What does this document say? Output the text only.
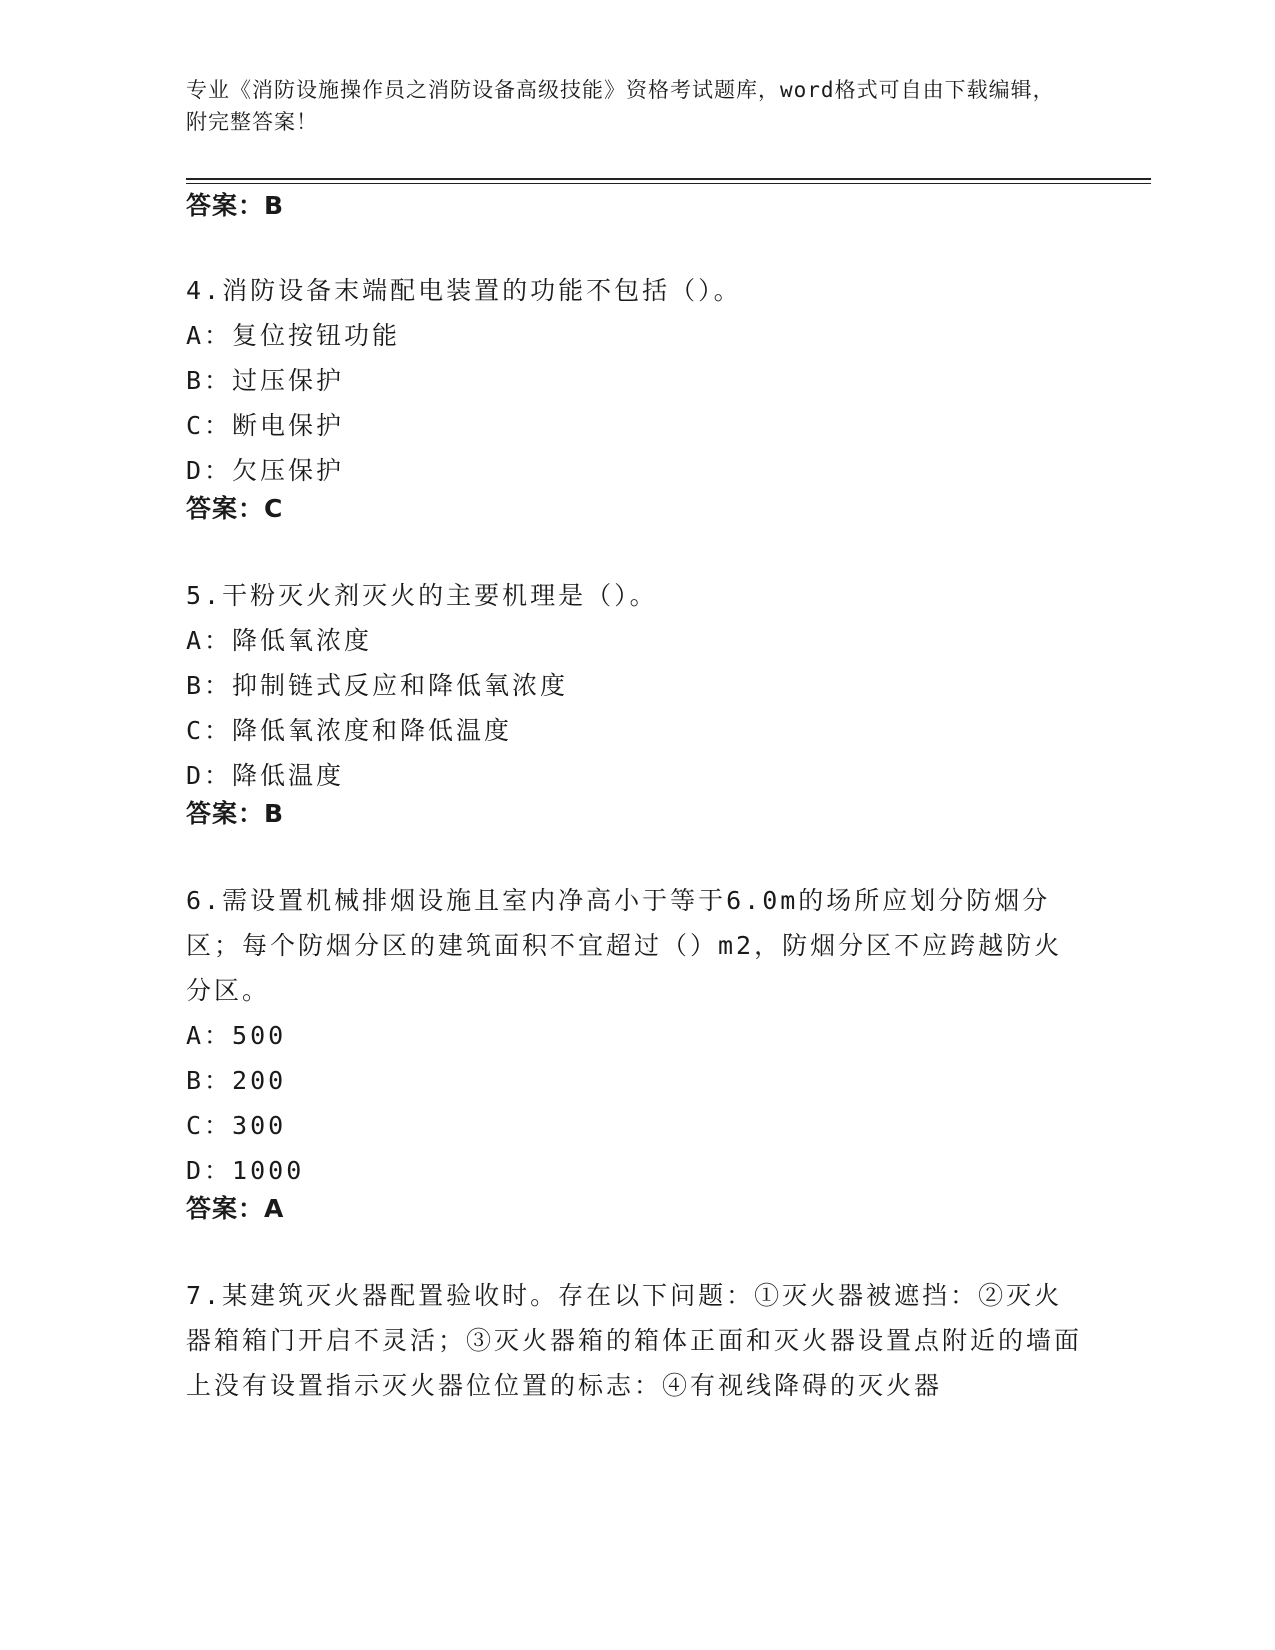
专业《消防设施操作员之消防设备高级技能》资格考试题库，word格式可自由下载编辑，附完整答案！

答案：B

4.消防设备末端配电装置的功能不包括（）。

A：复位按钮功能

B：过压保护

C：断电保护

D：欠压保护

答案：C

5.干粉灭火剂灭火的主要机理是（）。

A：降低氧浓度

B：抑制链式反应和降低氧浓度

C：降低氧浓度和降低温度

D：降低温度

答案：B

6.需设置机械排烟设施且室内净高小于等于6.0m的场所应划分防烟分区；每个防烟分区的建筑面积不宜超过（）m2，防烟分区不应跨越防火分区。

A：500

B：200

C：300

D：1000

答案：A

7.某建筑灭火器配置验收时。存在以下问题：①灭火器被遮挡：②灭火器箱箱门开启不灵活；③灭火器箱的箱体正面和灭火器设置点附近的墙面上没有设置指示灭火器位位置的标志：④有视线降碍的灭火器
